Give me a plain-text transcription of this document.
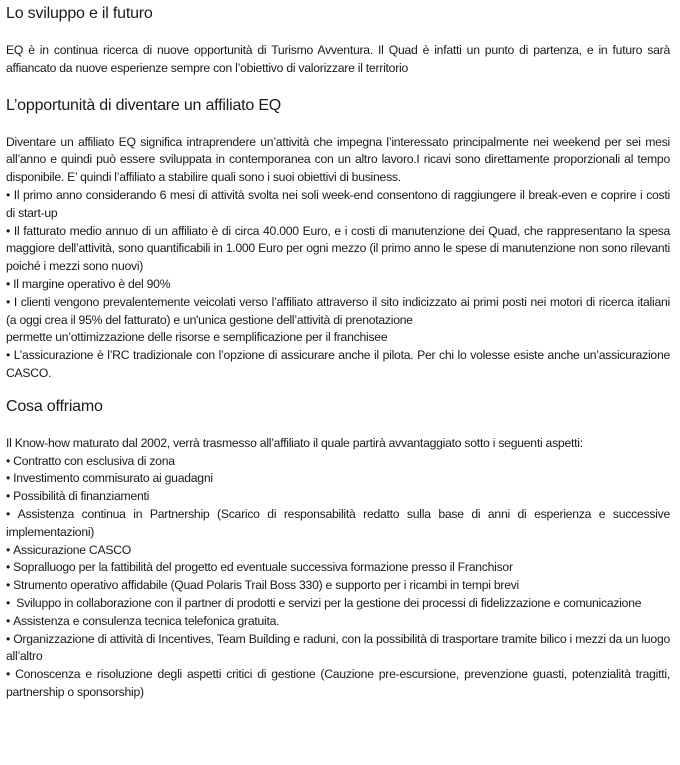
Lo sviluppo e il futuro

EQ è in continua ricerca di nuove opportunità di Turismo Avventura. Il Quad è infatti un punto di partenza, e in futuro sarà affiancato da nuove esperienze sempre con l’obiettivo di valorizzare il territorio

L’opportunità di diventare un affiliato EQ
Diventare un affiliato EQ significa intraprendere un’attività che impegna l’interessato principalmente nei weekend per sei mesi all’anno e quindi può essere sviluppata in contemporanea con un altro lavoro.I ricavi sono direttamente proporzionali al tempo disponibile. E’ quindi l’affiliato a stabilire quali sono i suoi obiettivi di business.
• Il primo anno considerando 6 mesi di attività svolta nei soli week-end consentono di raggiungere il break-even e coprire i costi di start-up
• Il fatturato medio annuo di un affiliato è di circa 40.000 Euro, e i costi di manutenzione dei Quad, che rappresentano la spesa maggiore dell’attività, sono quantificabili in 1.000 Euro per ogni mezzo (il primo anno le spese di manutenzione non sono rilevanti poiché i mezzi sono nuovi)
• Il margine operativo è del 90%
• I clienti vengono prevalentemente veicolati verso l’affiliato attraverso il sito indicizzato ai primi posti nei motori di ricerca italiani (a oggi crea il 95% del fatturato) e un'unica gestione dell’attività di prenotazione
permette un’ottimizzazione delle risorse e semplificazione per il franchisee
• L’assicurazione è l’RC tradizionale con l’opzione di assicurare anche il pilota. Per chi lo volesse esiste anche un’assicurazione CASCO.
Cosa offriamo
Il Know-how maturato dal 2002, verrà trasmesso all’affiliato il quale partirà avvantaggiato sotto i seguenti aspetti:
• Contratto con esclusiva di zona
• Investimento commisurato ai guadagni
• Possibilità di finanziamenti
• Assistenza continua in Partnership (Scarico di responsabilità redatto sulla base di anni di esperienza e successive implementazioni)
• Assicurazione CASCO
• Sopralluogo per la fattibilità del progetto ed eventuale successiva formazione presso il Franchisor
• Strumento operativo affidabile (Quad Polaris Trail Boss 330) e supporto per i ricambi in tempi brevi
•  Sviluppo in collaborazione con il partner di prodotti e servizi per la gestione dei processi di fidelizzazione e comunicazione
• Assistenza e consulenza tecnica telefonica gratuita.
• Organizzazione di attività di Incentives, Team Building e raduni, con la possibilità di trasportare tramite bilico i mezzi da un luogo all’altro
• Conoscenza e risoluzione degli aspetti critici di gestione (Cauzione pre-escursione, prevenzione guasti, potenzialità tragitti, partnership o sponsorship)
